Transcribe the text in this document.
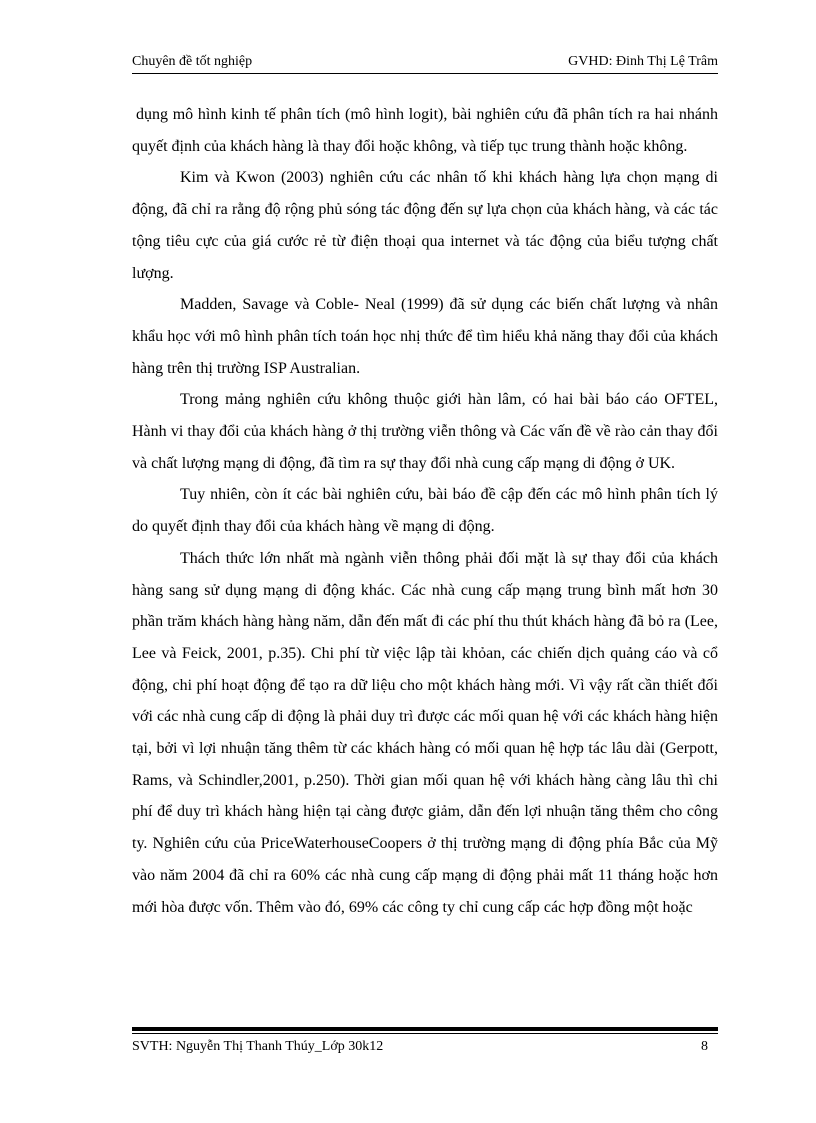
Chuyên đề tốt nghiệp	GVHD: Đinh Thị Lệ Trâm

dụng mô hình kinh tế phân tích (mô hình logit), bài nghiên cứu đã phân tích ra hai nhánh quyết định của khách hàng là thay đổi hoặc không, và tiếp tục trung thành hoặc không.

Kim và Kwon (2003) nghiên cứu các nhân tố khi khách hàng lựa chọn mạng di động, đã chỉ ra rằng độ rộng phủ sóng tác động đến sự lựa chọn của khách hàng, và các tác tộng tiêu cực của giá cước rẻ từ điện thoại qua internet và tác động của biểu tượng chất lượng.

Madden, Savage và Coble- Neal (1999) đã sử dụng các biến chất lượng và nhân khẩu học với mô hình phân tích toán học nhị thức để tìm hiểu khả năng thay đổi của khách hàng trên thị trường ISP Australian.

Trong mảng nghiên cứu không thuộc giới hàn lâm, có hai bài báo cáo OFTEL, Hành vi thay đổi của khách hàng ở thị trường viễn thông và Các vấn đề về rào cản thay đổi và chất lượng mạng di động, đã tìm ra sự thay đổi nhà cung cấp mạng di động ở UK.

Tuy nhiên, còn ít các bài nghiên cứu, bài báo đề cập đến các mô hình phân tích lý do quyết định thay đổi của khách hàng về mạng di động.

Thách thức lớn nhất mà ngành viễn thông phải đối mặt là sự thay đổi của khách hàng sang sử dụng mạng di động khác. Các nhà cung cấp mạng trung bình mất hơn 30 phần trăm khách hàng hàng năm, dẫn đến mất đi các phí thu thút khách hàng đã bỏ ra (Lee, Lee và Feick, 2001, p.35). Chi phí từ việc lập tài khỏan, các chiến dịch quảng cáo và cổ động, chi phí hoạt động để tạo ra dữ liệu cho một khách hàng mới. Vì vậy rất cần thiết đối với các nhà cung cấp di động là phải duy trì được các mối quan hệ với các khách hàng hiện tại, bởi vì lợi nhuận tăng thêm từ các khách hàng có mối quan hệ hợp tác lâu dài (Gerpott, Rams, và Schindler,2001, p.250). Thời gian mối quan hệ với khách hàng càng lâu thì chi phí để duy trì khách hàng hiện tại càng được giảm, dẫn đến lợi nhuận tăng thêm cho công ty. Nghiên cứu của PriceWaterhouseCoopers ở thị trường mạng di động phía Bắc của Mỹ vào năm 2004 đã chỉ ra 60% các nhà cung cấp mạng di động phải mất 11 tháng hoặc hơn mới hòa được vốn. Thêm vào đó, 69% các công ty chỉ cung cấp các hợp đồng một hoặc

SVTH: Nguyễn Thị Thanh Thúy_Lớp 30k12	8
